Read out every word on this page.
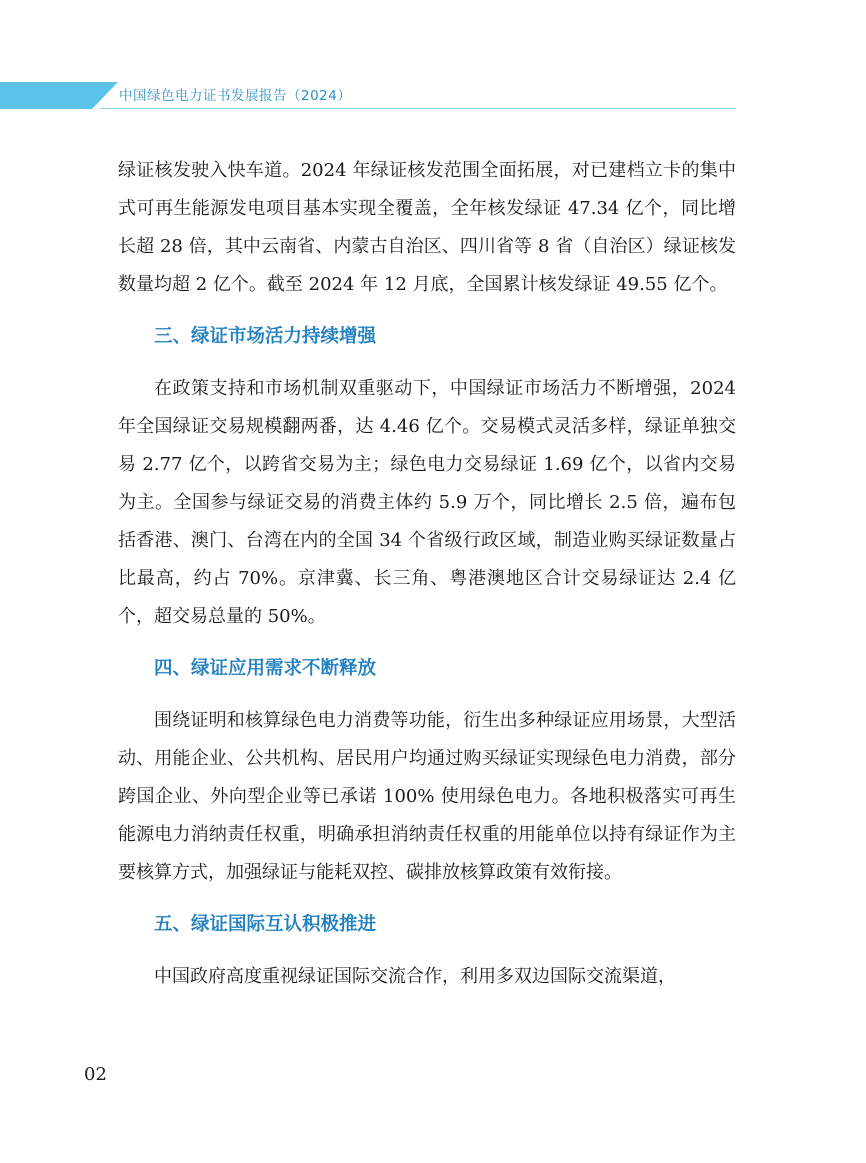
中国绿色电力证书发展报告（2024）

绿证核发驶入快车道。2024 年绿证核发范围全面拓展，对已建档立卡的集中式可再生能源发电项目基本实现全覆盖，全年核发绿证 47.34 亿个，同比增长超 28 倍，其中云南省、内蒙古自治区、四川省等 8 省（自治区）绿证核发数量均超 2 亿个。截至 2024 年 12 月底，全国累计核发绿证 49.55 亿个。

三、绿证市场活力持续增强

在政策支持和市场机制双重驱动下，中国绿证市场活力不断增强，2024 年全国绿证交易规模翻两番，达 4.46 亿个。交易模式灵活多样，绿证单独交易 2.77 亿个，以跨省交易为主；绿色电力交易绿证 1.69 亿个，以省内交易为主。全国参与绿证交易的消费主体约 5.9 万个，同比增长 2.5 倍，遍布包括香港、澳门、台湾在内的全国 34 个省级行政区域，制造业购买绿证数量占比最高，约占 70%。京津冀、长三角、粤港澳地区合计交易绿证达 2.4 亿个，超交易总量的 50%。

四、绿证应用需求不断释放

围绕证明和核算绿色电力消费等功能，衍生出多种绿证应用场景，大型活动、用能企业、公共机构、居民用户均通过购买绿证实现绿色电力消费，部分跨国企业、外向型企业等已承诺 100% 使用绿色电力。各地积极落实可再生能源电力消纳责任权重，明确承担消纳责任权重的用能单位以持有绿证作为主要核算方式，加强绿证与能耗双控、碳排放核算政策有效衔接。

五、绿证国际互认积极推进

中国政府高度重视绿证国际交流合作，利用多双边国际交流渠道，

02
